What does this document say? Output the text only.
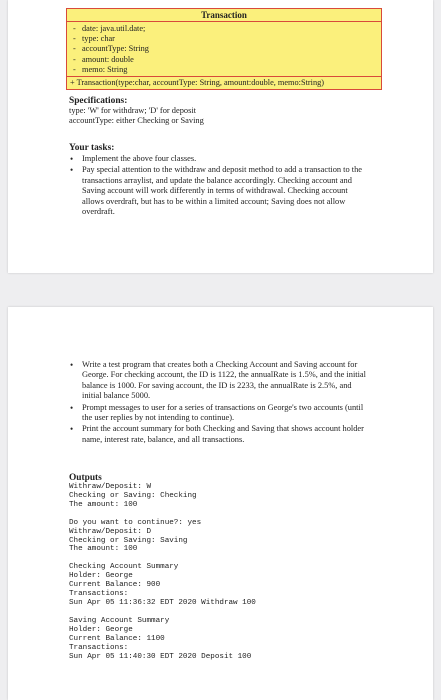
Transaction
- date: java.util.date;
- type: char
- accountType: String
- amount: double
- memo: String
+ Transaction(type:char, accountType: String, amount:double, memo:String)
Specifications:
type: 'W' for withdraw; 'D' for deposit
accountType: either Checking or Saving
Your tasks:
• Implement the above four classes.
• Pay special attention to the withdraw and deposit method to add a transaction to the transactions arraylist, and update the balance accordingly. Checking account and Saving account will work differently in terms of withdrawal. Checking account allows overdraft, but has to be within a limited account; Saving does not allow overdraft.
• Write a test program that creates both a Checking Account and Saving account for George. For checking account, the ID is 1122, the annualRate is 1.5%, and the initial balance is 1000. For saving account, the ID is 2233, the annualRate is 2.5%, and initial balance 5000.
• Prompt messages to user for a series of transactions on George's two accounts (until the user replies by not intending to continue).
• Print the account summary for both Checking and Saving that shows account holder name, interest rate, balance, and all transactions.
Outputs
Withraw/Deposit: W
Checking or Saving: Checking
The amount: 100
Do you want to continue?: yes
Withraw/Deposit: D
Checking or Saving: Saving
The amount: 100
Checking Account Summary
Holder: George
Current Balance: 900
Transactions:
Sun Apr 05 11:36:32 EDT 2020 Withdraw 100
Saving Account Summary
Holder: George
Current Balance: 1100
Transactions:
Sun Apr 05 11:40:30 EDT 2020 Deposit 100
